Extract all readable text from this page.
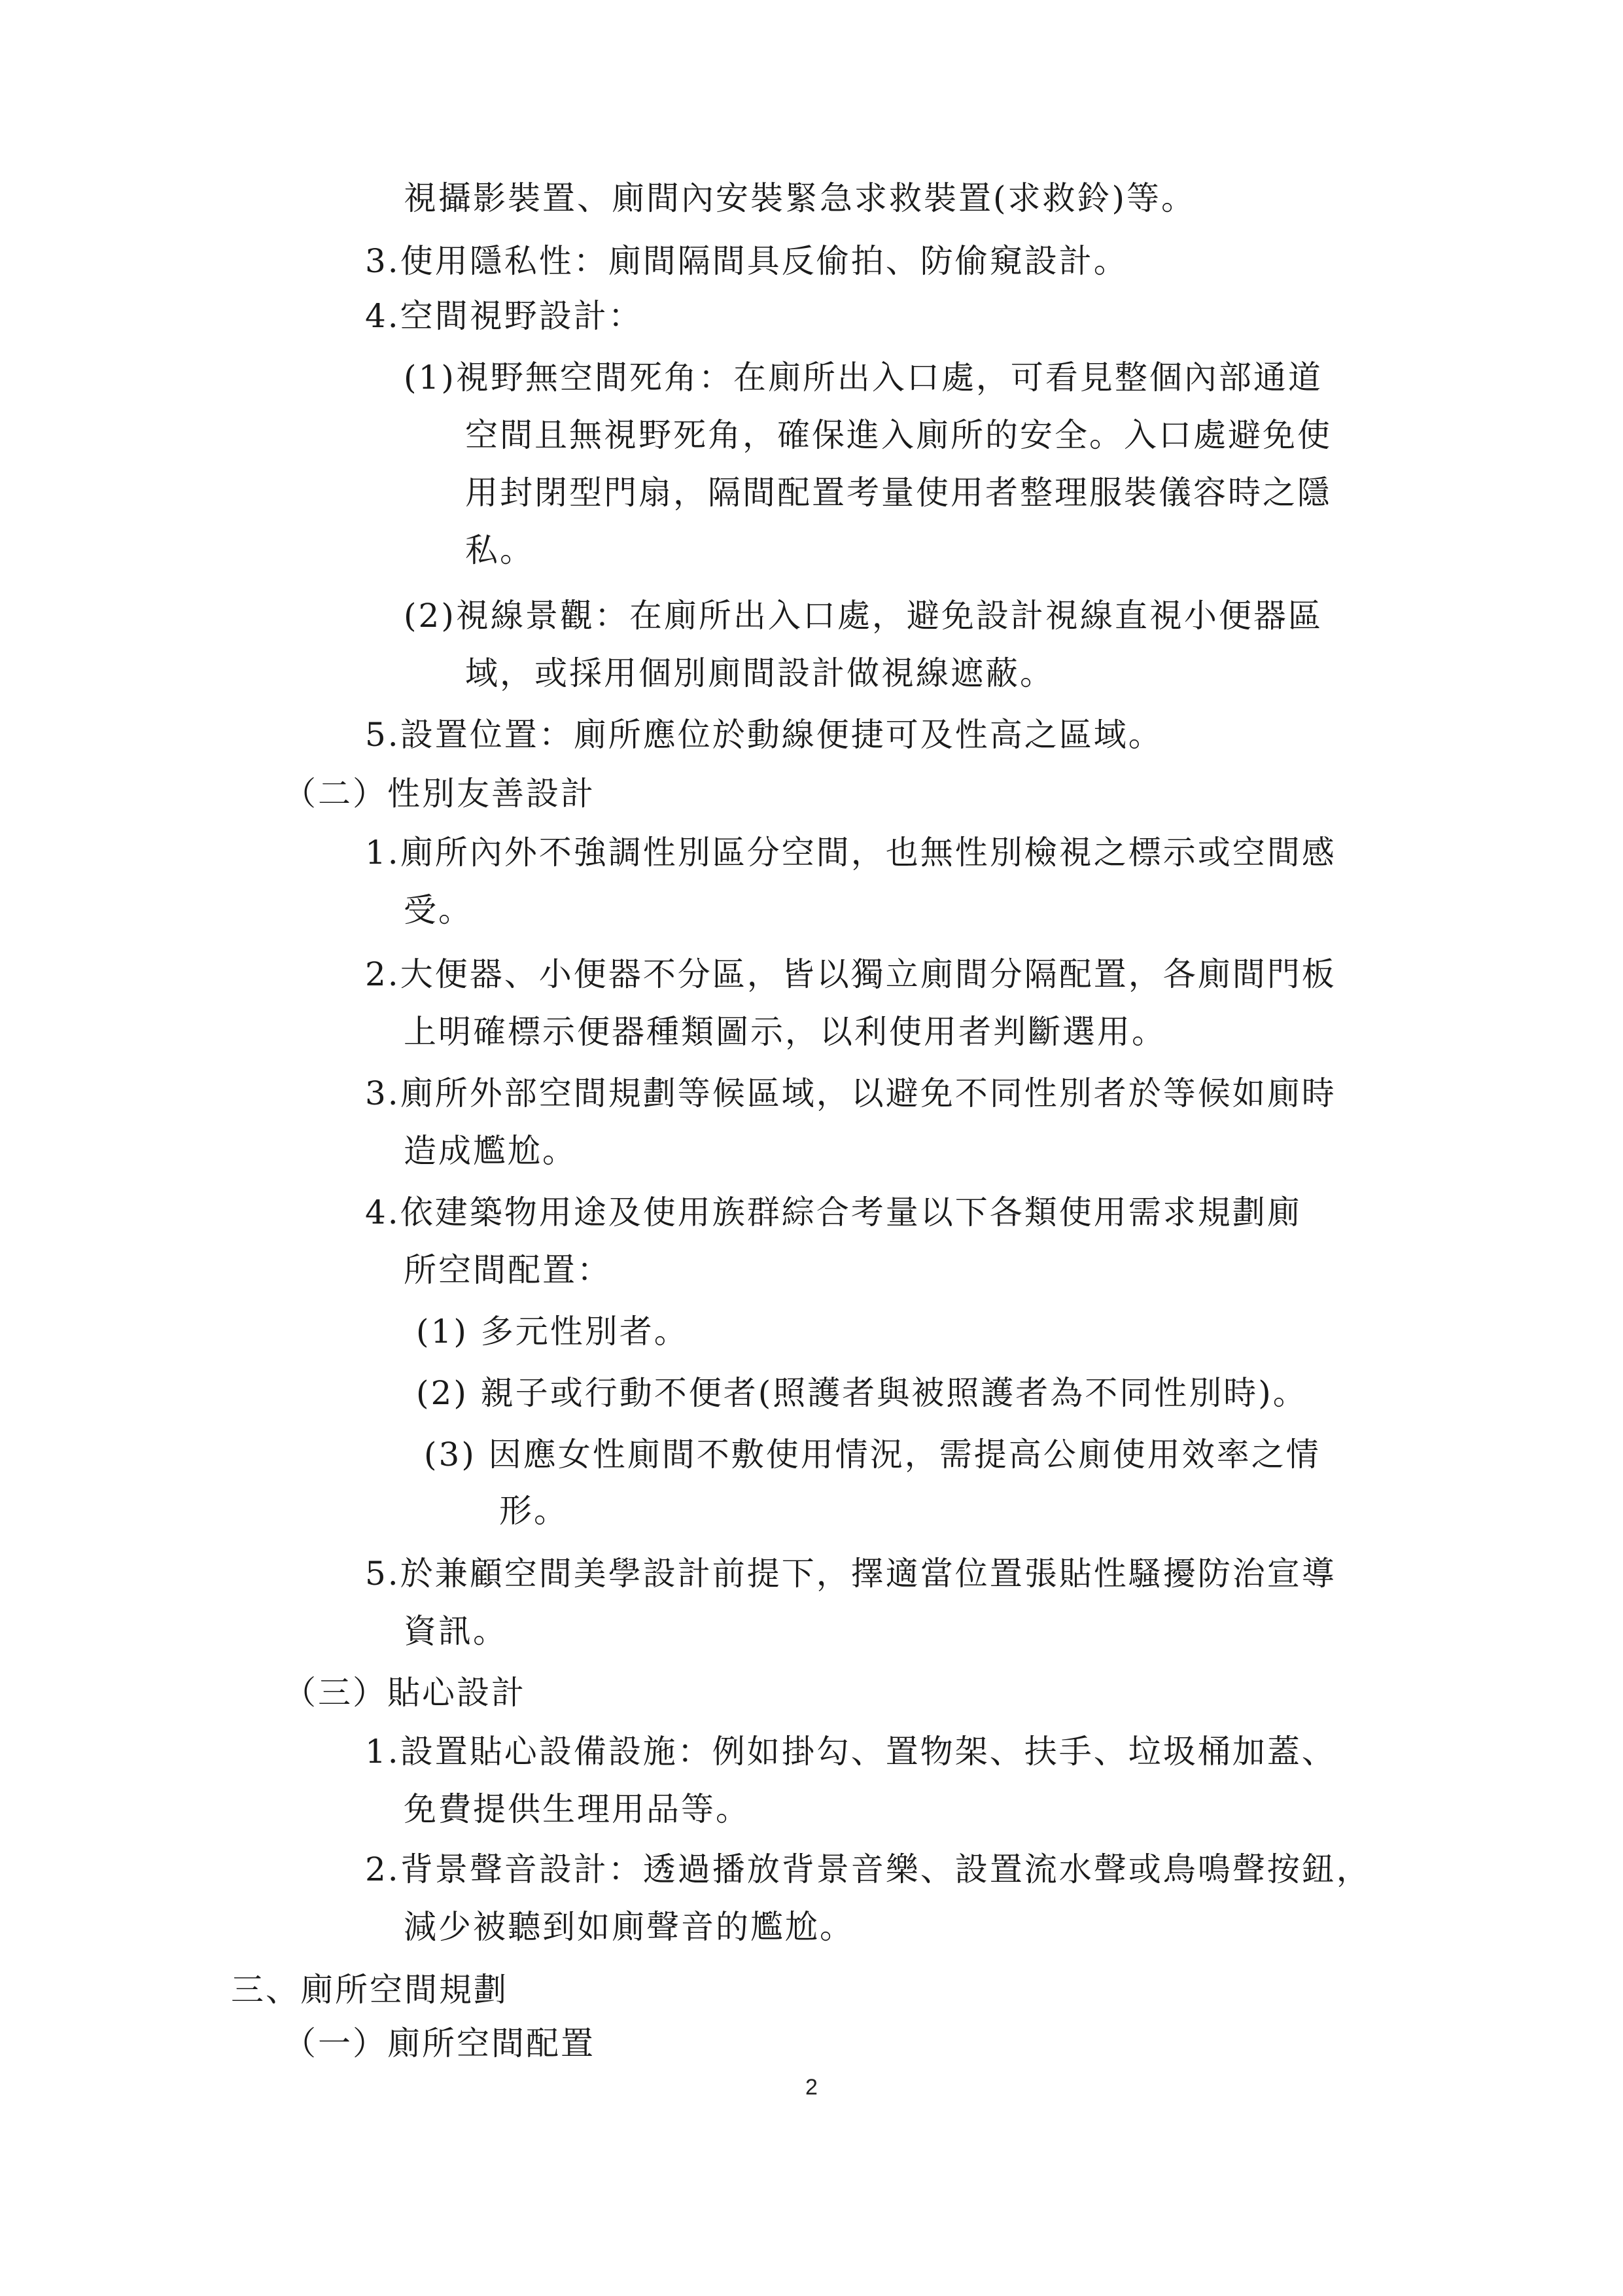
視攝影裝置、廁間內安裝緊急求救裝置(求救鈴)等。
3.使用隱私性：廁間隔間具反偷拍、防偷窺設計。
4.空間視野設計：
(1)視野無空間死角：在廁所出入口處，可看見整個內部通道
空間且無視野死角，確保進入廁所的安全。入口處避免使
用封閉型門扇，隔間配置考量使用者整理服裝儀容時之隱
私。
(2)視線景觀：在廁所出入口處，避免設計視線直視小便器區
域，或採用個別廁間設計做視線遮蔽。
5.設置位置：廁所應位於動線便捷可及性高之區域。
（二）性別友善設計
1.廁所內外不強調性別區分空間，也無性別檢視之標示或空間感
受。
2.大便器、小便器不分區，皆以獨立廁間分隔配置，各廁間門板
上明確標示便器種類圖示，以利使用者判斷選用。
3.廁所外部空間規劃等候區域，以避免不同性別者於等候如廁時
造成尷尬。
4.依建築物用途及使用族群綜合考量以下各類使用需求規劃廁
所空間配置：
(1) 多元性別者。
(2) 親子或行動不便者(照護者與被照護者為不同性別時)。
(3) 因應女性廁間不敷使用情況，需提高公廁使用效率之情
形。
5.於兼顧空間美學設計前提下，擇適當位置張貼性騷擾防治宣導
資訊。
（三）貼心設計
1.設置貼心設備設施：例如掛勾、置物架、扶手、垃圾桶加蓋、
免費提供生理用品等。
2.背景聲音設計：透過播放背景音樂、設置流水聲或鳥鳴聲按鈕，
減少被聽到如廁聲音的尷尬。
三、廁所空間規劃
（一）廁所空間配置
2
